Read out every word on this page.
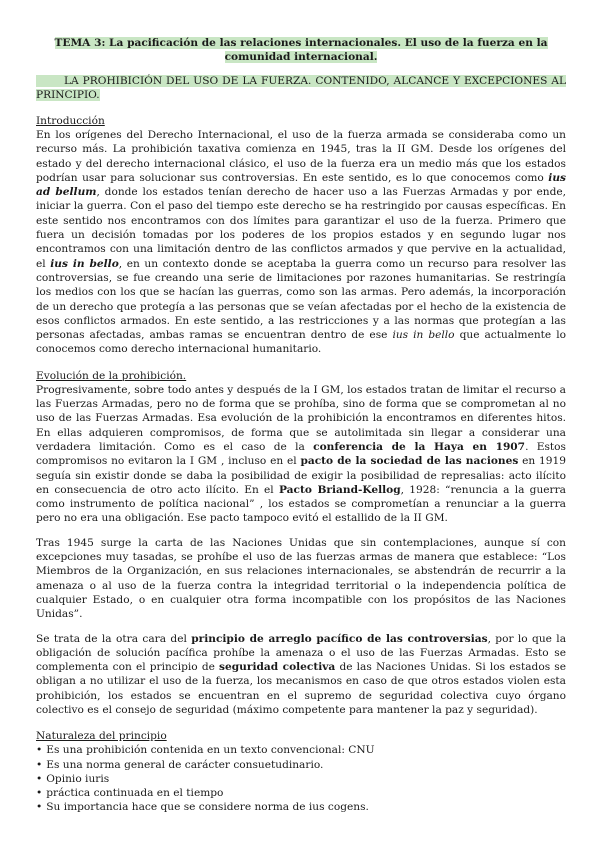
TEMA 3: La pacificación de las relaciones internacionales. El uso de la fuerza en la comunidad internacional.
LA PROHIBICIÓN DEL USO DE LA FUERZA. CONTENIDO, ALCANCE Y EXCEPCIONES AL PRINCIPIO.
Introducción

En los orígenes del Derecho Internacional, el uso de la fuerza armada se consideraba como un recurso más. La prohibición taxativa comienza en 1945, tras la II GM. Desde los orígenes del estado y del derecho internacional clásico, el uso de la fuerza era un medio más que los estados podrían usar para solucionar sus controversias. En este sentido, es lo que conocemos como ius ad bellum, donde los estados tenían derecho de hacer uso a las Fuerzas Armadas y por ende, iniciar la guerra. Con el paso del tiempo este derecho se ha restringido por causas específicas. En este sentido nos encontramos con dos límites para garantizar el uso de la fuerza. Primero que fuera un decisión tomadas por los poderes de los propios estados y en segundo lugar nos encontramos con una limitación dentro de las conflictos armados y que pervive en la actualidad, el ius in bello, en un contexto donde se aceptaba la guerra como un recurso para resolver las controversias, se fue creando una serie de limitaciones por razones humanitarias. Se restringía los medios con los que se hacían las guerras, como son las armas. Pero además, la incorporación de un derecho que protegía a las personas que se veían afectadas por el hecho de la existencia de esos conflictos armados. En este sentido, a las restricciones y a las normas que protegían a las personas afectadas, ambas ramas se encuentran dentro de ese ius in bello que actualmente lo conocemos como derecho internacional humanitario.

Evolución de la prohibición.

Progresivamente, sobre todo antes y después de la I GM, los estados tratan de limitar el recurso a las Fuerzas Armadas, pero no de forma que se prohíba, sino de forma que se comprometan al no uso de las Fuerzas Armadas. Esa evolución de la prohibición la encontramos en diferentes hitos. En ellas adquieren compromisos, de forma que se autolimitada sin llegar a considerar una verdadera limitación. Como es el caso de la conferencia de la Haya en 1907. Estos compromisos no evitaron la I GM , incluso en el pacto de la sociedad de las naciones en 1919 seguía sin existir donde se daba la posibilidad de exigir la posibilidad de represalias: acto ilícito en consecuencia de otro acto ilícito. En el Pacto Briand-Kellog, 1928: “renuncia a la guerra como instrumento de política nacional” , los estados se comprometían a renunciar a la guerra pero no era una obligación. Ese pacto tampoco evitó el estallido de la II GM.

Tras 1945 surge la carta de las Naciones Unidas que sin contemplaciones, aunque sí con excepciones muy tasadas, se prohíbe el uso de las fuerzas armas de manera que establece: “Los Miembros de la Organización, en sus relaciones internacionales, se abstendrán de recurrir a la amenaza o al uso de la fuerza contra la integridad territorial o la independencia política de cualquier Estado, o en cualquier otra forma incompatible con los propósitos de las Naciones Unidas”.

Se trata de la otra cara del principio de arreglo pacífico de las controversias, por lo que la obligación de solución pacífica prohíbe la amenaza o el uso de las Fuerzas Armadas. Esto se complementa con el principio de seguridad colectiva de las Naciones Unidas. Si los estados se obligan a no utilizar el uso de la fuerza, los mecanismos en caso de que otros estados violen esta prohibición, los estados se encuentran en el supremo de seguridad colectiva cuyo órgano colectivo es el consejo de seguridad (máximo competente para mantener la paz y seguridad).

Naturaleza del principio
• Es una prohibición contenida en un texto convencional: CNU
• Es una norma general de carácter consuetudinario.
• Opinio iuris
• práctica continuada en el tiempo
• Su importancia hace que se considere norma de ius cogens.
